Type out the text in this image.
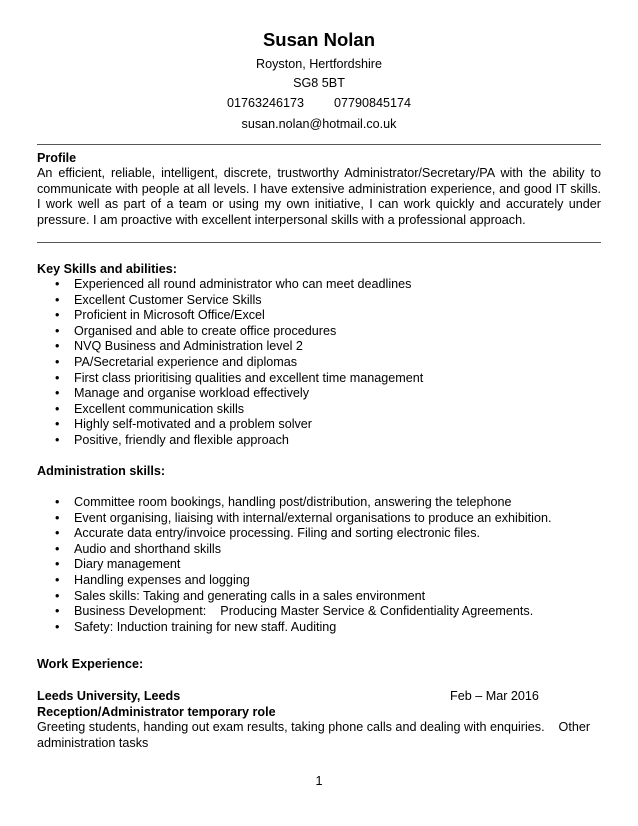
Susan Nolan
Royston, Hertfordshire
SG8 5BT
01763246173 07790845174
susan.nolan@hotmail.co.uk
Profile

An efficient, reliable, intelligent, discrete, trustworthy Administrator/Secretary/PA with the ability to communicate with people at all levels. I have extensive administration experience, and good IT skills. I work well as part of a team or using my own initiative, I can work quickly and accurately under pressure. I am proactive with excellent interpersonal skills with a professional approach.

Key Skills and abilities:
• Experienced all round administrator who can meet deadlines
• Excellent Customer Service Skills
• Proficient in Microsoft Office/Excel
• Organised and able to create office procedures
• NVQ Business and Administration level 2
• PA/Secretarial experience and diplomas
• First class prioritising qualities and excellent time management
• Manage and organise workload effectively
• Excellent communication skills
• Highly self-motivated and a problem solver
• Positive, friendly and flexible approach
Administration skills:
• Committee room bookings, handling post/distribution, answering the telephone
• Event organising, liaising with internal/external organisations to produce an exhibition.
• Accurate data entry/invoice processing. Filing and sorting electronic files.
• Audio and shorthand skills
• Diary management
• Handling expenses and logging
• Sales skills: Taking and generating calls in a sales environment
• Business Development:    Producing Master Service & Confidentiality Agreements.
• Safety: Induction training for new staff. Auditing
Work Experience:
Leeds University, Leeds	Feb – Mar 2016
Reception/Administrator temporary role

Greeting students, handing out exam results, taking phone calls and dealing with enquiries.    Other administration tasks

1
